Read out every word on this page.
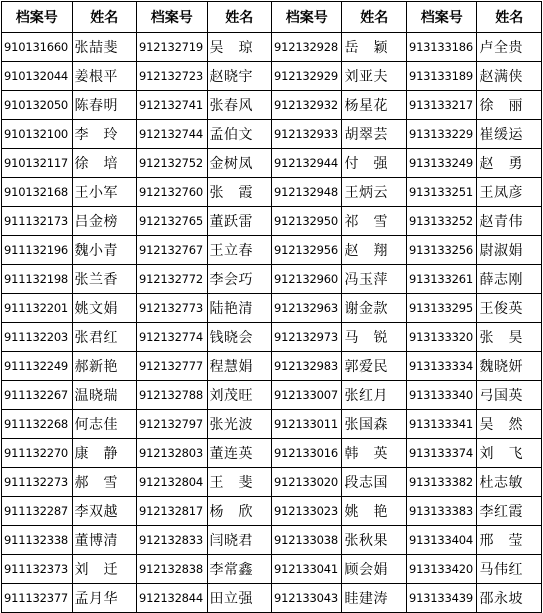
档案号	姓名	档案号	姓名	档案号	姓名	档案号	姓名
910131660	张喆斐	912132719	吴　琼	912132928	岳　颖	913133186	卢全贵
910132044	姜根平	912132723	赵晓宇	912132929	刘亚夫	913133189	赵满侠
910132050	陈春明	912132741	张春风	912132932	杨星花	913133217	徐　丽
910132100	李　玲	912132744	孟伯文	912132933	胡翠芸	913133229	崔缓运
910132117	徐　培	912132752	金树凤	912132944	付　强	913133249	赵　勇
910132168	王小军	912132760	张　霞	912132948	王炳云	913133251	王凤彦
911132173	吕金榜	912132765	董跃雷	912132950	祁　雪	913133252	赵青伟
911132196	魏小青	912132767	王立春	912132956	赵　翔	913133256	尉淑娟
911132198	张兰香	912132772	李会巧	912132960	冯玉萍	913133261	薛志刚
911132201	姚文娟	912132773	陆艳清	912132963	谢金款	913133295	王俊英
911132203	张君红	912132774	钱晓会	912132973	马　锐	913133320	张　昊
911132249	郝新艳	912132777	程慧娟	912132983	郭爱民	913133334	魏晓妍
911132267	温晓瑞	912132788	刘茂旺	912133007	张红月	913133340	弓国英
911132268	何志佳	912132797	张光波	912133011	张国森	913133341	吴　然
911132270	康　静	912132803	董连英	912133016	韩　英	913133374	刘　飞
911132273	郝　雪	912132804	王　斐	912133020	段志国	913133382	杜志敏
911132287	李双越	912132817	杨　欣	912133023	姚　艳	913133383	李红霞
911132338	董博清	912132833	闫晓君	912133038	张秋果	913133404	邢　莹
911132373	刘　迁	912132838	李常鑫	912133041	顾会娟	913133420	马伟红
911132377	孟月华	912132844	田立强	912133043	眭建涛	913133439	邵永坡
